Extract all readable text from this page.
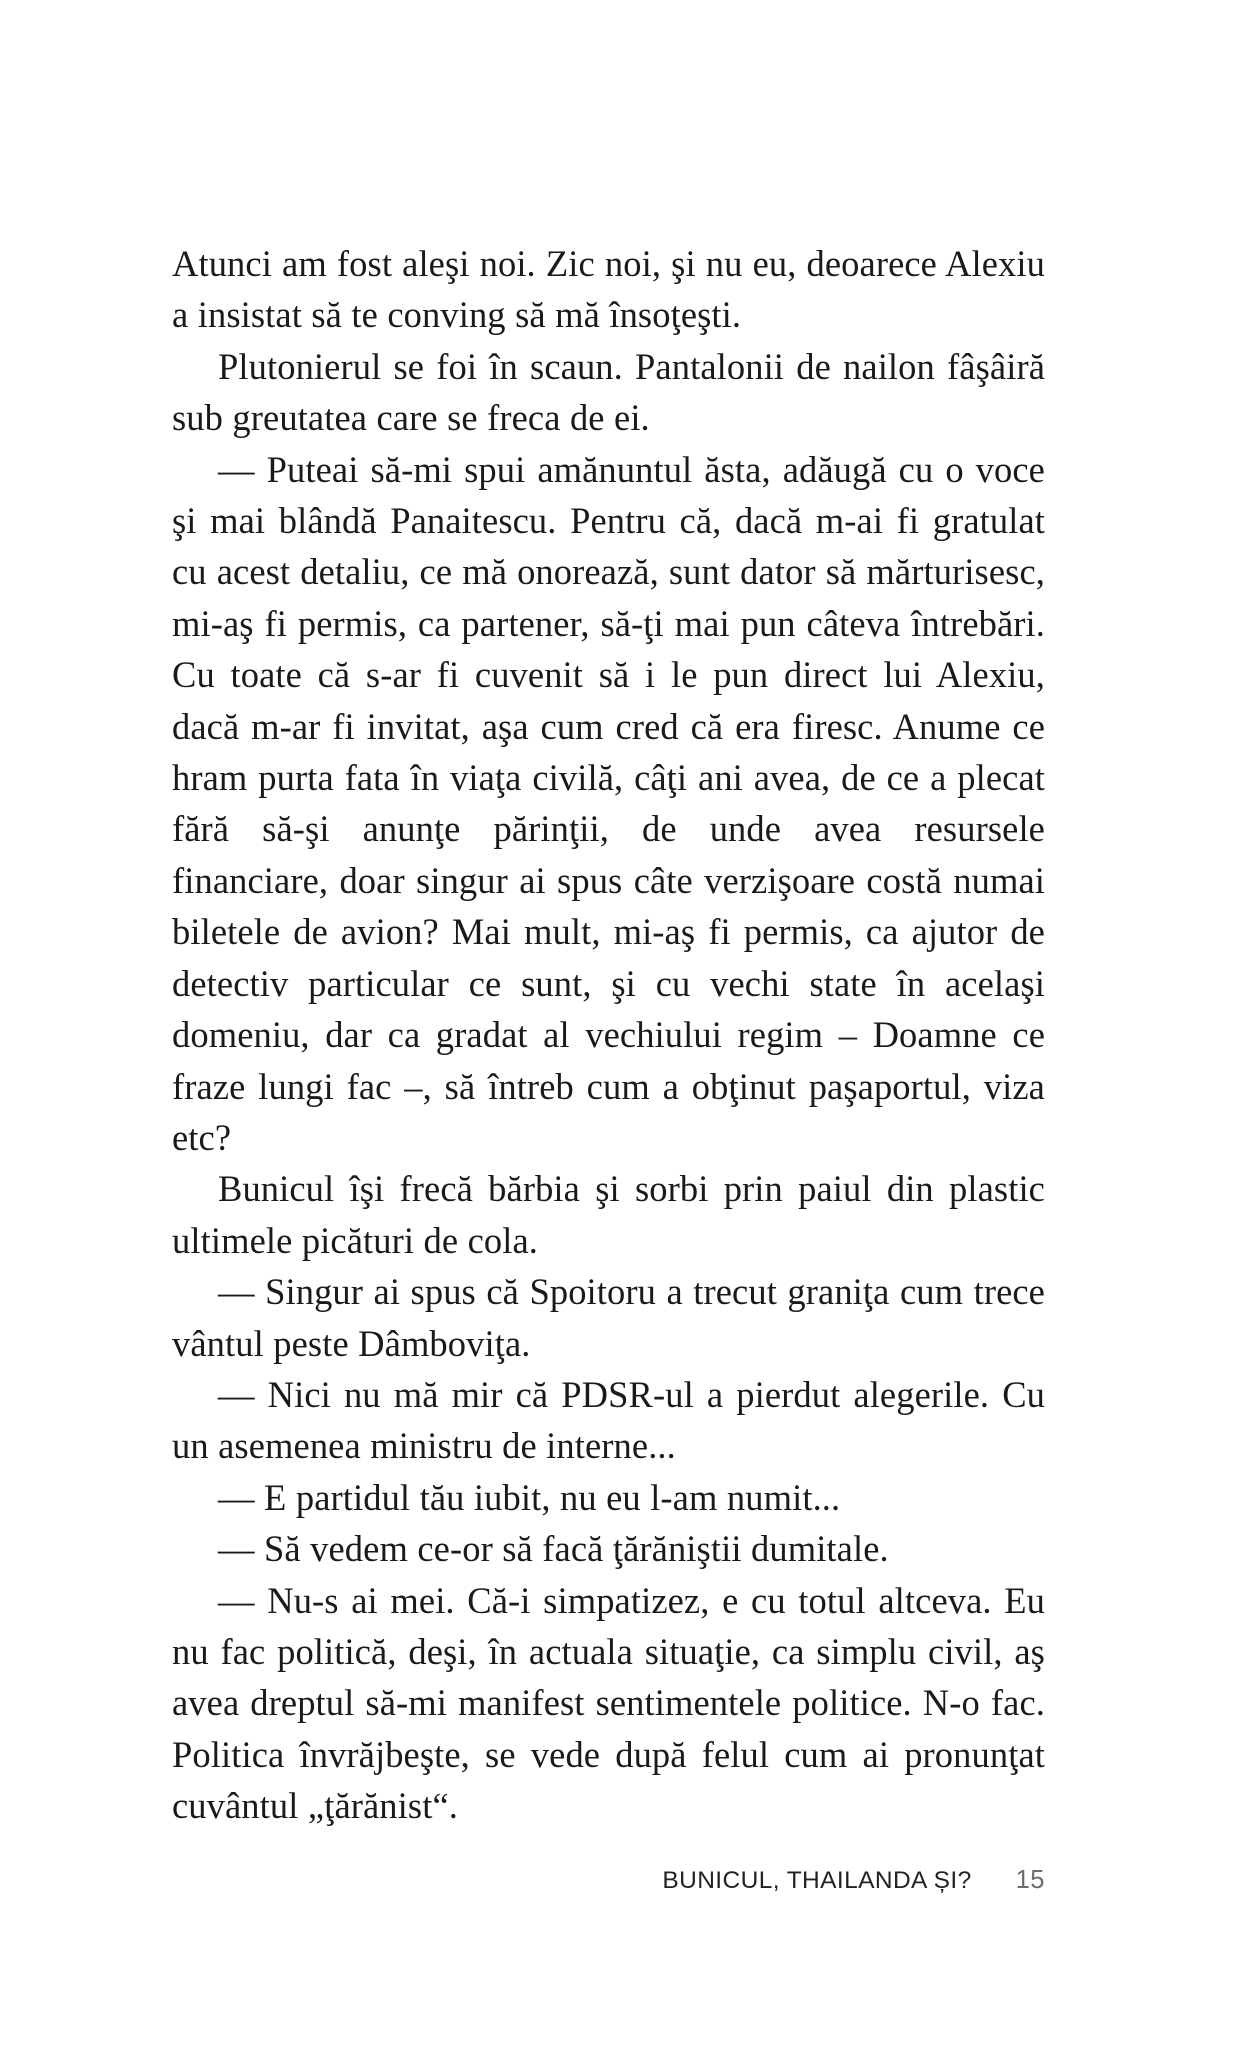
Atunci am fost aleşi noi. Zic noi, şi nu eu, deoarece Alexiu a insistat să te conving să mă însoţeşti.

Plutonierul se foi în scaun. Pantalonii de nailon fâşâiră sub greutatea care se freca de ei.

— Puteai să-mi spui amănuntul ăsta, adăugă cu o voce şi mai blândă Panaitescu. Pentru că, dacă m-ai fi gratulat cu acest detaliu, ce mă onorează, sunt dator să mărturisesc, mi-aş fi permis, ca partener, să-ţi mai pun câteva întrebări. Cu toate că s-ar fi cuvenit să i le pun direct lui Alexiu, dacă m-ar fi invitat, aşa cum cred că era firesc. Anume ce hram purta fata în viaţa civilă, câţi ani avea, de ce a plecat fără să-şi anunţe părinţii, de unde avea resursele financiare, doar singur ai spus câte verzişoare costă numai biletele de avion? Mai mult, mi-aş fi permis, ca ajutor de detectiv particular ce sunt, şi cu vechi state în acelaşi domeniu, dar ca gradat al vechiului regim – Doamne ce fraze lungi fac –, să întreb cum a obţinut paşaportul, viza etc?

Bunicul îşi frecă bărbia şi sorbi prin paiul din plastic ultimele picături de cola.

— Singur ai spus că Spoitoru a trecut graniţa cum trece vântul peste Dâmboviţa.

— Nici nu mă mir că PDSR-ul a pierdut alegerile. Cu un asemenea ministru de interne...

— E partidul tău iubit, nu eu l-am numit...

— Să vedem ce-or să facă ţărăniştii dumitale.

— Nu-s ai mei. Că-i simpatizez, e cu totul altceva. Eu nu fac politică, deşi, în actuala situaţie, ca simplu civil, aş avea dreptul să-mi manifest sentimentele politice. N-o fac. Politica învrăjbeşte, se vede după felul cum ai pronunţat cuvântul „ţărănist“.

BUNICUL, THAILANDA ȘI? 15
